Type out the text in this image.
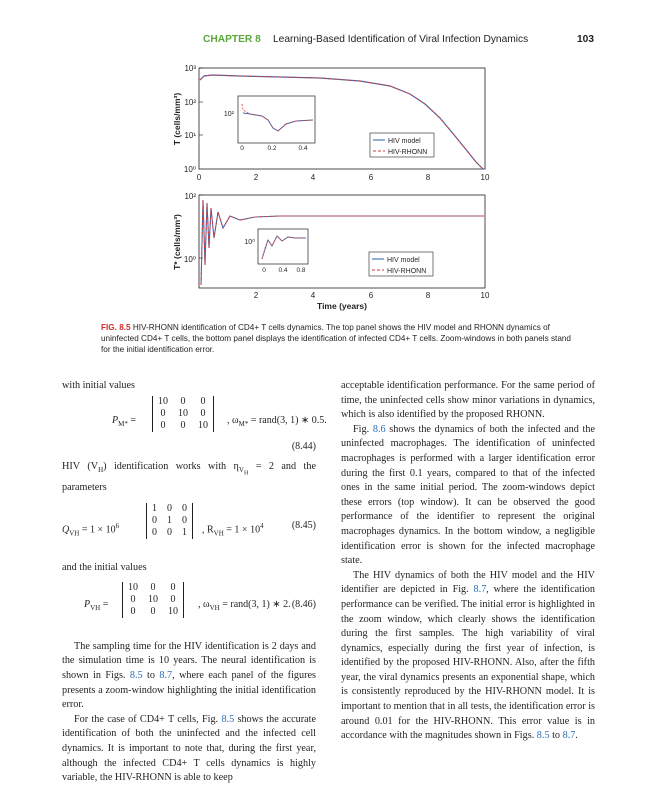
CHAPTER 8 Learning-Based Identification of Viral Infection Dynamics	103
10³
10²
10¹
10⁰
0	2	4	6	8	10
T (cells/mm³)	10²
0	0.2	0.4
HIV model
HIV-RHONN
10²
10⁰
2	4	6	8	10
Time (years)
T* (cells/mm³)	10⁰
0 0.4 0.8
HIV model
HIV-RHONN
FIG. 8.5 HIV-RHONN identification of CD4+ T cells dynamics. The top panel shows the HIV model and RHONN dynamics of uninfected CD4+ T cells, the bottom panel displays the identification of infected CD4+ T cells. Zoom-windows in both panels stand for the initial identification error.

with initial values

$P_{M*}$ =
10	0	0
0	10	0
0	0	10 , $\omega_{M*}$ = rand(3, 1) ∗ 0.5.
(8.44)

HIV $(V_H)$ identification works with $\eta_{V_H} = 2$ and the parameters

$Q_{VH} = 1 \times 10^6$
1	0	0
0	1	0
0	0	1 , $R_{VH} = 1 \times 10^4$	(8.45)

and the initial values

$P_{VH}$ =
10	0	0
0	10	0
0	0	10
, $\omega_{VH}$ = rand(3, 1) ∗ 2. (8.46)

The sampling time for the HIV identification is 2 days and the simulation time is 10 years. The neural identification is shown in Figs. 8.5 to 8.7, where each panel of the figures presents a zoom-window highlighting the initial identification error.

For the case of CD4+ T cells, Fig. 8.5 shows the accurate identification of both the uninfected and the infected cell dynamics. It is important to note that, during the first year, although the infected CD4+ T cells dynamics is highly variable, the HIV-RHONN is able to keep

acceptable identification performance. For the same period of time, the uninfected cells show minor variations in dynamics, which is also identified by the proposed RHONN.

Fig. 8.6 shows the dynamics of both the infected and the uninfected macrophages. The identification of uninfected macrophages is performed with a larger identification error during the first 0.1 years, compared to that of the infected ones in the same initial period. The zoom-windows depict these errors (top window). It can be observed the good performance of the identifier to represent the original macrophages dynamics. In the bottom window, a negligible identification error is shown for the infected macrophage state.

The HIV dynamics of both the HIV model and the HIV identifier are depicted in Fig. 8.7, where the identification performance can be verified. The initial error is highlighted in the zoom window, which clearly shows the identification during the first samples. The high variability of viral dynamics, especially during the first year of infection, is identified by the proposed HIV-RHONN. Also, after the fifth year, the viral dynamics presents an exponential shape, which is consistently reproduced by the HIV-RHONN model. It is important to mention that in all tests, the identification error is around 0.01 for the HIV-RHONN. This error value is in accordance with the magnitudes shown in Figs. 8.5 to 8.7.
